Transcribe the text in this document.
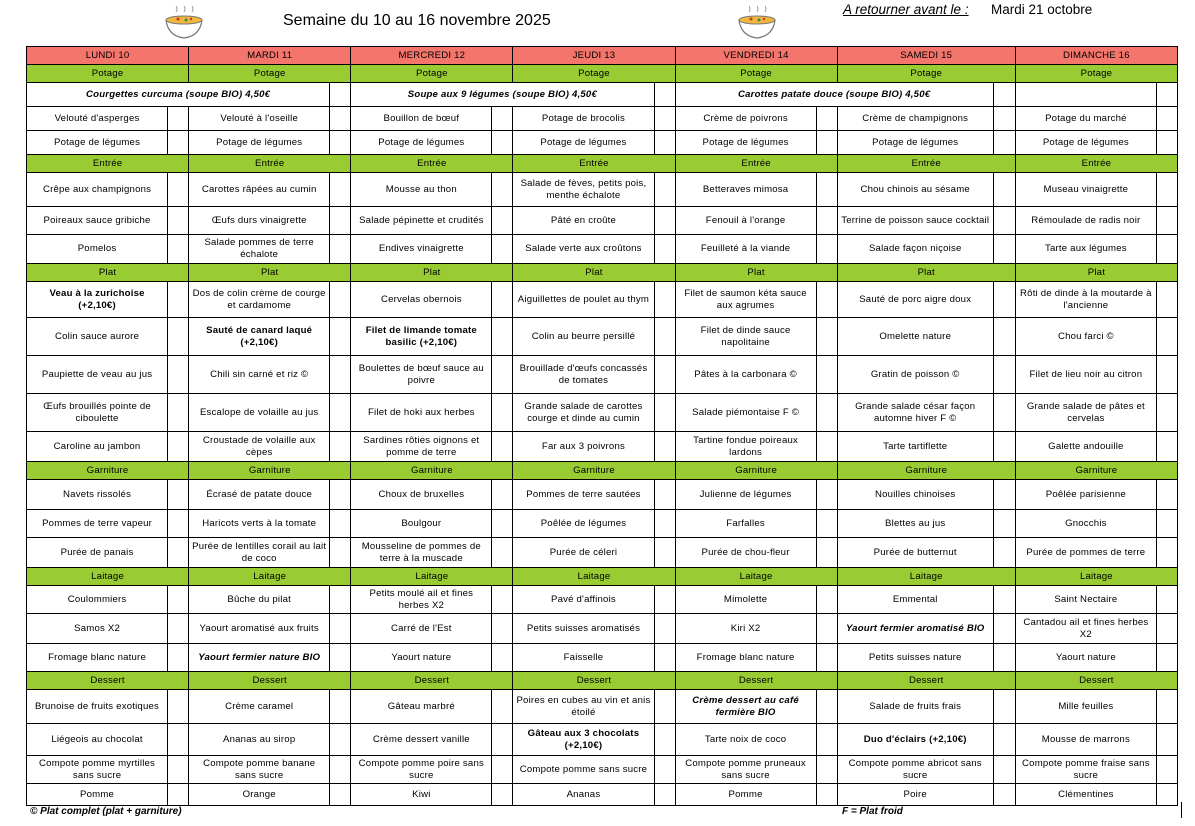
Semaine du 10 au 16 novembre 2025
A retourner avant le : Mardi 21 octobre
LUNDI 10		MARDI 11		MERCREDI 12		JEUDI 13		VENDREDI 14		SAMEDI 15		DIMANCHE 16	
Potage		Potage		Potage		Potage		Potage		Potage		Potage	
Courgettes curcuma (soupe BIO) 4,50€				Soupe aux 9 légumes (soupe BIO) 4,50€				Carottes patate douce (soupe BIO) 4,50€					
Velouté d'asperges		Velouté à l'oseille		Bouillon de bœuf		Potage de brocolis		Crème de poivrons		Crème de champignons		Potage du marché	
Potage de légumes		Potage de légumes		Potage de légumes		Potage de légumes		Potage de légumes		Potage de légumes		Potage de légumes	
Entrée		Entrée		Entrée		Entrée		Entrée		Entrée		Entrée	
Crêpe aux champignons		Carottes râpées au cumin		Mousse au thon		Salade de fèves, petits pois, menthe échalote		Betteraves mimosa		Chou chinois au sésame		Museau vinaigrette	
Poireaux sauce gribiche		Œufs durs vinaigrette		Salade pépinette et crudités		Pâté en croûte		Fenouil à l'orange		Terrine de poisson sauce cocktail		Rémoulade de radis noir	
Pomelos		Salade pommes de terre échalote		Endives vinaigrette		Salade verte aux croûtons		Feuilleté à la viande		Salade façon niçoise		Tarte aux légumes	
Plat		Plat		Plat		Plat		Plat		Plat		Plat	
Veau à la zurichoise (+2,10€)		Dos de colin crème de courge et cardamome		Cervelas obernois		Aiguillettes de poulet au thym		Filet de saumon kéta sauce aux agrumes		Sauté de porc aigre doux		Rôti de dinde à la moutarde à l'ancienne	
Colin sauce aurore		Sauté de canard laqué (+2,10€)		Filet de limande tomate basilic (+2,10€)		Colin au beurre persillé		Filet de dinde sauce napolitaine		Omelette nature		Chou farci ©	
Paupiette de veau au jus		Chili sin carné et riz ©		Boulettes de bœuf sauce au poivre		Brouillade d'œufs concassés de tomates		Pâtes à la carbonara ©		Gratin de poisson ©		Filet de lieu noir au citron	
Œufs brouillés pointe de ciboulette		Escalope de volaille au jus		Filet de hoki aux herbes		Grande salade de carottes courge et dinde au cumin		Salade piémontaise F ©		Grande salade césar façon automne hiver F ©		Grande salade de pâtes et cervelas	
Caroline au jambon		Croustade de volaille aux cèpes		Sardines rôties oignons et pomme de terre		Far aux 3 poivrons		Tartine fondue poireaux lardons		Tarte tartiflette		Galette andouille	
Garniture		Garniture		Garniture		Garniture		Garniture		Garniture		Garniture	
Navets rissolés		Écrasé de patate douce		Choux de bruxelles		Pommes de terre sautées		Julienne de légumes		Nouilles chinoises		Poêlée parisienne	
Pommes de terre vapeur		Haricots verts à la tomate		Boulgour		Poêlée de légumes		Farfalles		Blettes au jus		Gnocchis	
Purée de panais		Purée de lentilles corail au lait de coco		Mousseline de pommes de terre à la muscade		Purée de céleri		Purée de chou-fleur		Purée de butternut		Purée de pommes de terre	
Laitage		Laitage		Laitage		Laitage		Laitage		Laitage		Laitage	
Coulommiers		Bûche du pilat		Petits moulé ail et fines herbes X2		Pavé d'affinois		Mimolette		Emmental		Saint Nectaire	
Samos X2		Yaourt aromatisé aux fruits		Carré de l'Est		Petits suisses aromatisés		Kiri X2		Yaourt fermier aromatisé BIO		Cantadou ail et fines herbes X2	
Fromage blanc nature		Yaourt fermier nature BIO		Yaourt nature		Faisselle		Fromage blanc nature		Petits suisses nature		Yaourt nature	
Dessert		Dessert		Dessert		Dessert		Dessert		Dessert		Dessert	
Brunoise de fruits exotiques		Crème caramel		Gâteau marbré		Poires en cubes au vin et anis étoilé		Crème dessert au café fermière BIO		Salade de fruits frais		Mille feuilles	
Liégeois au chocolat		Ananas au sirop		Crème dessert vanille		Gâteau aux 3 chocolats (+2,10€)		Tarte noix de coco		Duo d'éclairs (+2,10€)		Mousse de marrons	
Compote pomme myrtilles sans sucre		Compote pomme banane sans sucre		Compote pomme poire sans sucre		Compote pomme sans sucre		Compote pomme pruneaux sans sucre		Compote pomme abricot sans sucre		Compote pomme fraise sans sucre	
Pomme		Orange		Kiwi		Ananas		Pomme		Poire		Clémentines	
© Plat complet (plat + garniture)	F = Plat froid
